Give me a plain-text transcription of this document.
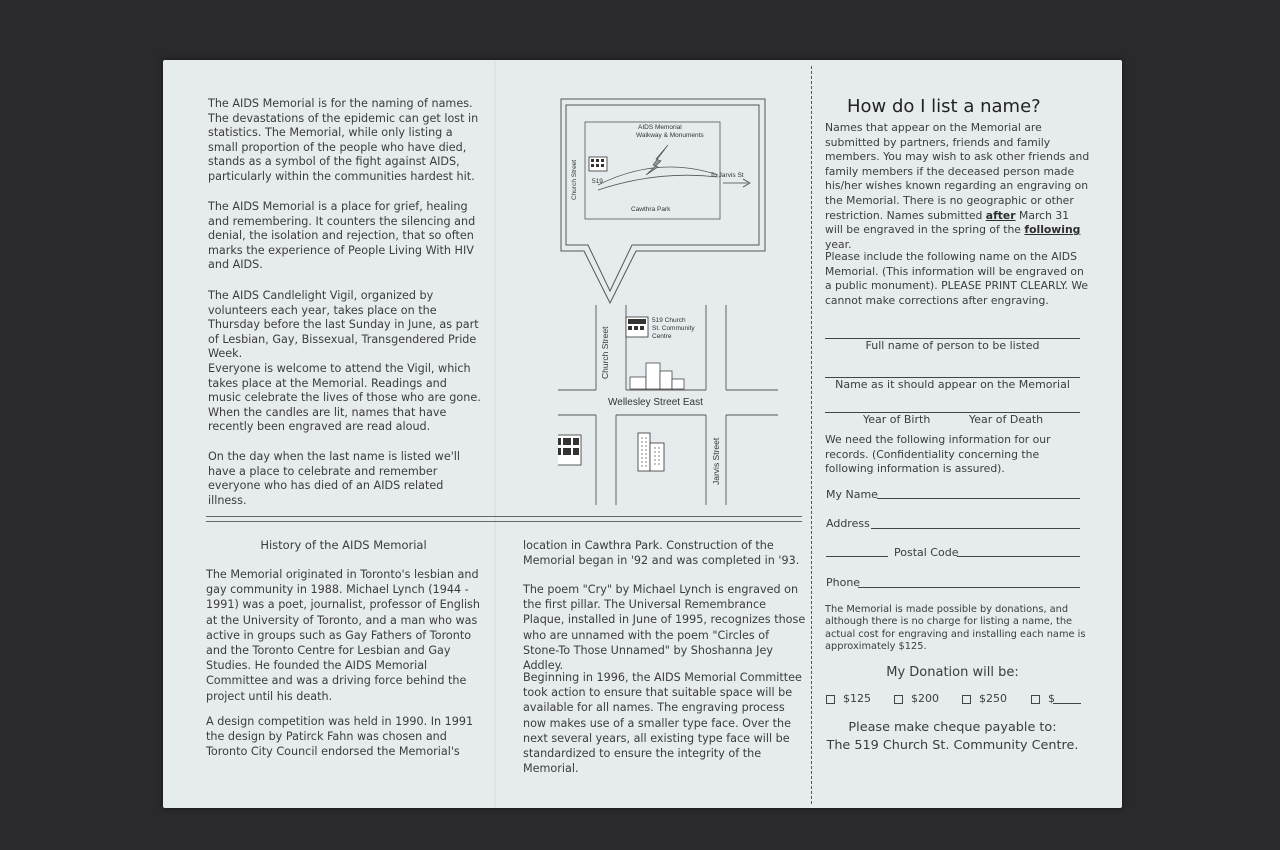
The AIDS Memorial is for the naming of names. The devastations of the epidemic can get lost in statistics. The Memorial, while only listing a small proportion of the people who have died, stands as a symbol of the fight against AIDS, particularly within the communities hardest hit.

The AIDS Memorial is a place for grief, healing and remembering. It counters the silencing and denial, the isolation and rejection, that so often marks the experience of People Living With HIV and AIDS.

The AIDS Candlelight Vigil, organized by volunteers each year, takes place on the Thursday before the last Sunday in June, as part of Lesbian, Gay, Bissexual, Transgendered Pride Week.

Everyone is welcome to attend the Vigil, which takes place at the Memorial. Readings and music celebrate the lives of those who are gone. When the candles are lit, names that have recently been engraved are read aloud.

On the day when the last name is listed we'll have a place to celebrate and remember everyone who has died of an AIDS related illness.

AIDS Memorial
Walkway & Monuments
Church Street 519
To Jarvis St
Cawthra Park
519 Church
St. Community
Centre
Church Street
Wellesley Street East
Jarvis Street
History of the AIDS Memorial

The Memorial originated in Toronto's lesbian and gay community in 1988. Michael Lynch (1944 - 1991) was a poet, journalist, professor of English at the University of Toronto, and a man who was active in groups such as Gay Fathers of Toronto and the Toronto Centre for Lesbian and Gay Studies. He founded the AIDS Memorial Committee and was a driving force behind the project until his death.

A design competition was held in 1990. In 1991 the design by Patirck Fahn was chosen and Toronto City Council endorsed the Memorial's

location in Cawthra Park. Construction of the Memorial began in '92 and was completed in '93.

The poem "Cry" by Michael Lynch is engraved on the first pillar. The Universal Remembrance Plaque, installed in June of 1995, recognizes those who are unnamed with the poem "Circles of Stone-To Those Unnamed" by Shoshanna Jey Addley.

Beginning in 1996, the AIDS Memorial Committee took action to ensure that suitable space will be available for all names. The engraving process now makes use of a smaller type face. Over the next several years, all existing type face will be standardized to ensure the integrity of the Memorial.

How do I list a name?

Names that appear on the Memorial are submitted by partners, friends and family members. You may wish to ask other friends and family members if the deceased person made his/her wishes known regarding an engraving on the Memorial. There is no geographic or other restriction. Names submitted after March 31 will be engraved in the spring of the following year.

Please include the following name on the AIDS Memorial. (This information will be engraved on a public monument). PLEASE PRINT CLEARLY. We cannot make corrections after engraving.

Full name of person to be listed
Name as it should appear on the Memorial
Year of Birth	Year of Death

We need the following information for our records. (Confidentiality concerning the following information is assured).

My Name
Address
Postal Code
Phone

The Memorial is made possible by donations, and although there is no charge for listing a name, the actual cost for engraving and installing each name is approximately $125.

My Donation will be:
$125	$200	$250	$
Please make cheque payable to:
The 519 Church St. Community Centre.
